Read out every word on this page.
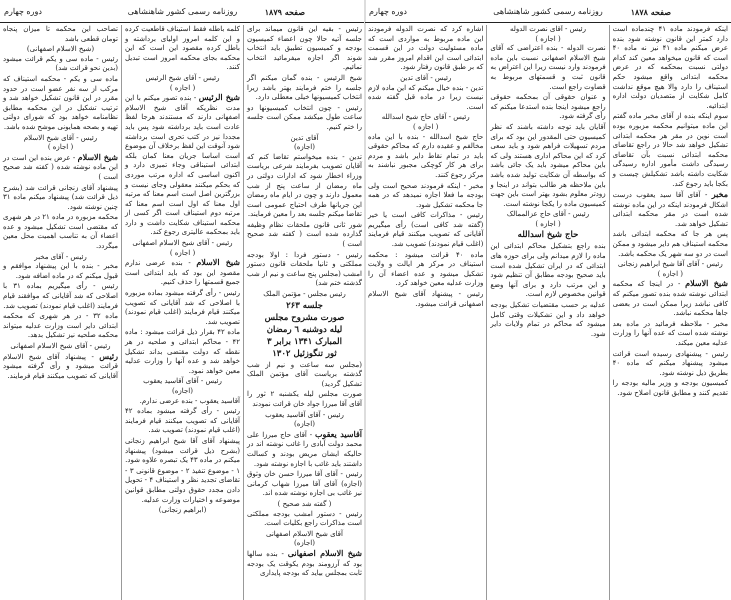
صفحه ۱۸۷۹
روزنامه رسمی کشور شاهنشاهی
دوره چهارم

رئیس - بقیه این قانون میماند برای جلسه آتیه حالا چون اعضاء کمیسیون بودجه و کمیسیون تطبیق باید انتخاب شوند اگر اجازه میفرمائید انتخاب نمائیم.

شیخ الرئیس - بنده گمان میکنم اگر جلسه را ختم فرمایند بهتر باشد زیرا انتخاب کمیسیونها خیلی معطلی دارد.

رئیس - چون انتخاب کمیسیونها دو ساعت طول میکشد ممکن است جلسه را ختم کنیم.

آقای تدین

(اجازه)

تدین - بنده میخواستم تقاضا کنم که آقایان تصویب بفرمایند شرعی بریاست وزراء اخطار شود که ادارات دولتی در ماه رمضان از ساعت پنج از شب معمول دارند و چون در ایام ماه رمضان این جریانها طرف احتیاج عمومی است تقاضا میکنم جلسه بعد را معین فرمایند.

شور ثانی قانون ملحقات نظام وظیفه گذارده شده است ( کفته شد صحیح است )

رئیس - دستور فردا : اولا بودجه مملکتی و ثانیا ملحقات قانون دستور امشب (مجلس پنج ساعت و نیم از شب گذشته ختم شد)

رئیس مجلس - مؤتمن الملک

جلسه ۲۶۳
صورت مشروح مجلس
لیله دوشنبه ٦ رمضان
المبارک ۱۳۴۱ برابر ۳
ثور تنگوزئیل ۱۳۰۲

(مجلس سه ساعت و نیم از شب گذشته بریاست آقای مؤتمن الملک تشکیل گردید)

صورت مجلس لیله یکشنبه ۲ ثور را آقای آقا میرزا جواد خان قرائت نمودند

رئیس - آقای آقاسید یعقوب

(اجازه)

آقاسید یعقوب - آقای حاج میرزا علی محمد دولت آبادی را غائب نوشته اند در حالیکه ایشان مریض بودند و کسالت داشتند باید غائب با اجازه نوشته شود.

رئیس - آقای آقا میرزا حسن خان وثوق (اجازه) آقای آقا میرزا شهاب کرمانی نیز غائب بی اجازه نوشته شده اند.

( گفته شد صحیح )

رئیس - دستور امشب بودجه مملکتی است مذاکرات راجع بکلیات است.

آقای شیخ الاسلام اصفهانی

(اجازه)

شیخ الاسلام اصفهانی - بنده سالها بود که آرزومند بودم یکوقت یک بودجه ثابت بمجلس بیاید که بودجه پایداری

کلمه باطله فقط استیناف قاطعیت کرده و این کلمه امروز اولیای برداشته و باطل کرده مقصود این است که این محکمه بجای محکمه امروز است تبدیل کنند.

رئیس - آقای شیخ الرئیس

( اجازه )

شیخ الرئیس - بنده تصور میکنم با این مدت نظریکه آقای شیخ الاسلام اصفهانی دارند که مستندند هرجا لفظ عادت است باید برداشته شود پس باید مجددا نیز در کتب تحری است برداشته شود آنوقت این لفظ برخلاف آن موضوع است اساسا جریان معنا کمان بلکه ابتدائی استیناقی وجاء تمیزی دارد و اکنون اساسی که اداره مرتب موردی که بحکم میکنند معقولی وجای نیست و بزرگترین اصل است اسم معنا که مرتبه اول معنا که اول است اسم معنا که مرتبه دوم استیناف است اگر کسی از محکمه استیناف شکایت داشت و دارد باید بمحکمه عالیتری رجوع کند.

رئیس - آقای شیخ الاسلام اصفهانی

( اجازه )

شیخ الاسلام - بنده عرضی ندارم مقصود این بود که باید ابتدائی است جمیع قسمتها را حذف کنیم.

رئیس - رأی گرفته میشود بماده مزبوره با اصلاحی که شد آقایانی که تصویب میکنند قیام فرمایند (اغلب قیام نمودند) تصویب شد.

ماده ۴۲ بقرار ذیل قرائت میشود : ماده ۴۲ - محاکم ابتدائی و صلحیه در هر نقطه که دولت مقتضی بداند تشکیل خواهد شد و عده آنها را وزارت عدلیه معین خواهد نمود.

رئیس - آقای آقاسید یعقوب

(اجازه)

آقاسید یعقوب - بنده عرضی ندارم.

رئیس - رأی گرفته میشود بماده ۴۲ آقایانی که تصویب میکنند قیام فرمایند (اغلب قیام نمودند) تصویب شد.

پیشنهاد آقای آقا شیخ ابراهیم زنجانی (بشرح ذیل قرائت میشود) پیشنهاد میکنم در ماده ۴۳ یک تبصره علاوه شود.

۱ - موضوع تنفیذ ۲ - موضوع قانونی ۳ - تقاضای تجدید نظر و استیناف ۴ - تحویل دادن مجدد حقوق دولتی مطابق قوانین موضوعه و اختیارات وزارت عدلیه.

(ابراهیم زنجانی)

تصاحب این محکمه تا میزان پنجاه تومان قطعی باشد

(شیخ الاسلام اصفهانی)

رئیس - ماده سی و یکم قرائت میشود (بدین نحو قرائت شد)

ماده سی و یکم - محکمه استیناف که مرکب از سه نفر عضو است در حدود مقرر در این قانون تشکیل خواهد شد و ترتیب تشکیل در این محکمه مطابق نظامنامه خواهد بود که شورای دولتی تهیه و بصحه همایونی موشح شده باشد.

رئیس - آقای شیخ الاسلام

( اجازه )

شیخ الاسلام - عرض بنده این است در این ماده نوشته شده ( کفته شد صحیح است )

پیشنهاد آقای زنجانی قرائت شد (بشرح ذیل قرائت شد) پیشنهاد میکنم ماده ۳۱ چنین نوشته شود.

محکمه مزبوره در ماده ۲۱ در هر شهری که مقتضی است تشکیل میشود و عده اعضاء آن به تناسب اهمیت محل معین میگردد.

رئیس - آقای مخبر

مخبر - بنده با این پیشنهاد موافقم و قبول میکنم که در ماده اضافه شود.

رئیس - رأی میگیریم بماده ۳۱ با اصلاحی که شد آقایانی که موافقند قیام فرمایند (اغلب قیام نمودند) تصویب شد.

ماده ۳۲ - در هر شهری که محکمه ابتدائی دایر است وزارت عدلیه میتواند محکمه صلحیه نیز تشکیل بدهد.

رئیس - آقای شیخ الاسلام اصفهانی

رئیس - پیشنهاد آقای شیخ الاسلام قرائت میشود و رأی گرفته میشود آقایانی که تصویب میکنند قیام فرمایند.

دوره چهارم	روزنامه رسمی کشور شاهنشاهی	صفحه ۱۸۷۸

اینکه فرمودند ماده ۴۱ چندماده است دارد کمتر این قانون نوشته شود بنده عرض میکنم ماده ۴۱ نیز نه ماده ۴۰ است که قانون میخواهد معین کند کدام دولتی نسبت بمحکمه که در عرض محکمه ابتدائی واقع میشود حکم استیناف را دارد والا هیچ موقع نداشت کامل شکایت از متصدیان دولت اداره ابتدائیه.

سوم اینکه بنده از آقای مخبر ماده گفتم این ماده میتوانیم محکمه مزبوره بوده است نوین در مقر هر محکمه ابتدائی تشکیل خواهد شد حالا در راجع تقاضای محکمه ابتدائی نسبت بآن تقاضای رسیدگی داشت مأمور اداره رسیدگی شکایت داشته باشد تشکیلش چیست و بکجا باید رجوع کند.

مخبر - آقای آقا سید یعقوب درست اشکال فرمودند اینکه در این ماده نوشته شده است در مقر محکمه ابتدائی تشکیل خواهد شد.

پس هر جا که محکمه ابتدائی باشد محکمه استیناف هم دایر میشود و ممکن است در دو سه شهر یک محکمه باشد.

رئیس - آقای آقا شیخ ابراهیم زنجانی

( اجازه )

شیخ الاسلام - در اینجا که محکمه ابتدائی نوشته شده بنده تصور میکنم که کافی نباشد زیرا ممکن است در بعضی جاها محکمه نباشد.

مخبر - ملاحظه فرمائید در ماده بعد نوشته شده است که عده آنها را وزارت عدلیه معین میکند.

رئیس - پیشنهادی رسیده است قرائت میشود پیشنهاد میکنم که ماده ۴۰ بطریق ذیل نوشته شود.

کمیسیون بودجه و وزیر مالیه بودجه را تقدیم کنند و مطابق قانون اصلاح شود.

رئیس - آقای نصرت الدوله

( اجازه )

نصرت الدوله - بنده اعتراضی که آقای شیخ الاسلام اصفهانی نسبت باین ماده فرمودند وارد نیست زیرا این اعتراض به قانون ثبت و قسمتهای مربوط به قضاوت راجع است.

و عنوان حقوقی آن بمحکمه حقوقی راجع میشود اینجا بنده استدعا میکنم که رأی گرفته شود.

آقایان باید توجه داشته باشند که نظر کمیسیون حتی المقدور این بود که برای مردم تسهیلات فراهم شود و باید سعی کرد که این محاکم اداری هستند ولی که باین محاکم میشود باید یک جائی باشد که بواسطه آن شکایت تولید شده باشد باین ملاحظه هر طالب بتواند در اینجا و زودتر معلوم بشود بهتر است باین جهت کمیسیون ماده را یکجا نوشته است.

رئیس - آقای حاج عزالممالک

( اجازه )

حاج شیخ اسدالله

بنده راجع بتشکیل محاکم ابتدائی این ماده را لازم میدانم ولی برای حوزه های ابتدائی که در ایران تشکیل شده است باید صحیح بودجه مطابق آن تنظیم شود و این مرتب دارد و برای آنها وضع قوانین مخصوص لازم است.

عدلیه بر حسب مقتضیات تشکیل بودجه خواهد داد و این تشکیلات وقتی کامل میشود که محاکم در تمام ولایات دایر شود.

اشاره کرد که نصرت الدوله فرمودند این ماده مربوط به مواردی است که ماده مسئولیت دولت در این قسمت ابتدائی است این اقدام امروز مقرر شد که بر طبق قانون رفتار شود.

رئیس - آقای تدین

تدین - بنده خیال میکنم که این ماده لازم نیست زیرا در ماده قبل گفته شده است.

رئیس - آقای حاج شیخ اسدالله

( اجازه )

حاج شیخ اسدالله - بنده با این ماده مخالفم و عقیده دارم که محاکم حقوقی باید در تمام نقاط دایر باشد و مردم برای هر کار کوچکی مجبور نباشند به مرکز رجوع کنند.

مخبر - اینکه فرمودند صحیح است ولی بودجه ما فعلا اجازه نمیدهد که در همه جا محکمه تشکیل شود.

رئیس - مذاکرات کافی است یا خیر (گفته شد کافی است) رأی میگیریم آقایانی که تصویب میکنند قیام فرمایند (اغلب قیام نمودند) تصویب شد.

ماده ۴۰ قرائت میشود : محکمه استیناف در مرکز هر ایالت و ولایت تشکیل میشود و عده اعضاء آن را وزارت عدلیه معین خواهد کرد.

رئیس - پیشنهاد آقای شیخ الاسلام اصفهانی قرائت میشود.
